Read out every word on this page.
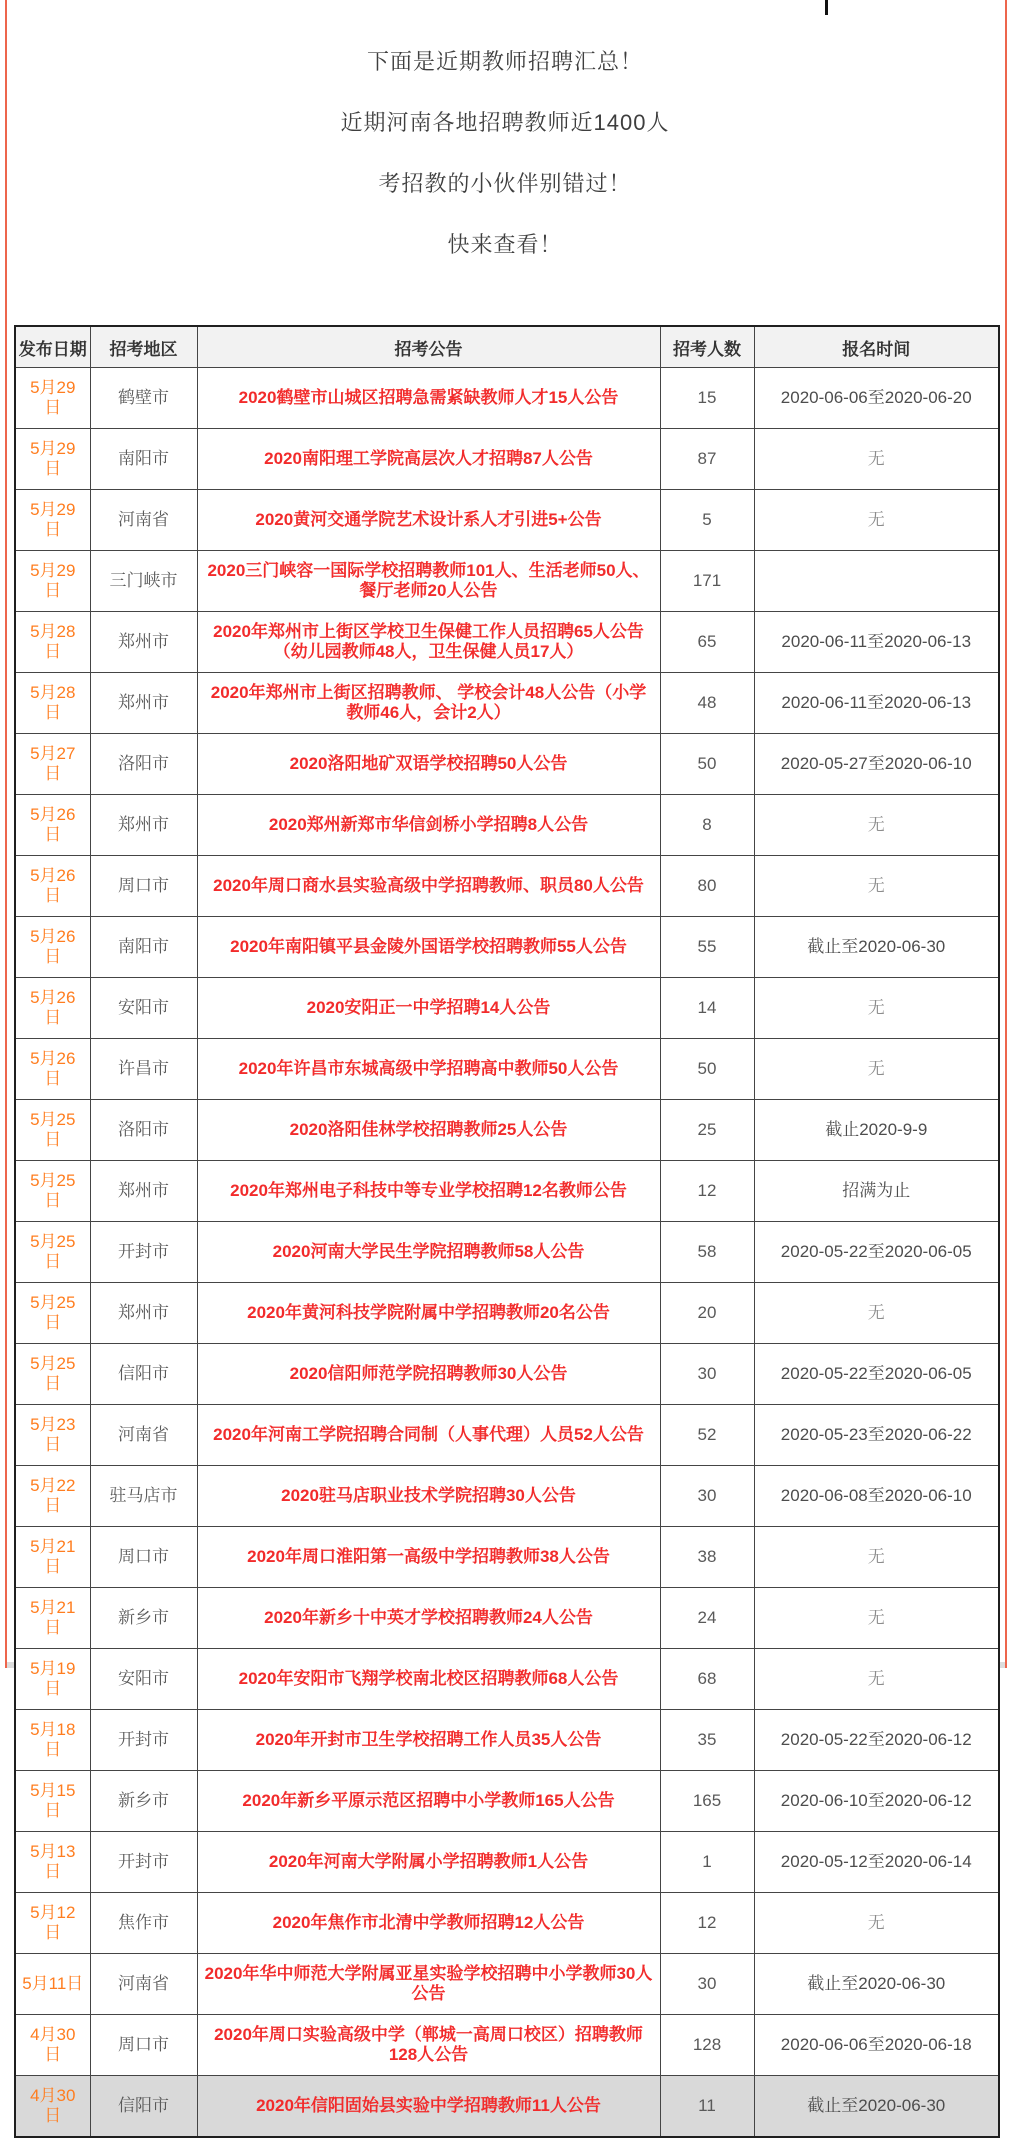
下面是近期教师招聘汇总！

近期河南各地招聘教师近1400人

考招教的小伙伴别错过！

快来查看！

发布日期	招考地区	招考公告	招考人数	报名时间
5月29日	鹤壁市	2020鹤壁市山城区招聘急需紧缺教师人才15人公告	15	2020-06-06至2020-06-20
5月29日	南阳市	2020南阳理工学院高层次人才招聘87人公告	87	无
5月29日	河南省	2020黄河交通学院艺术设计系人才引进5+公告	5	无
5月29日	三门峡市	2020三门峡容一国际学校招聘教师101人、生活老师50人、餐厅老师20人公告	171	
5月28日	郑州市	2020年郑州市上街区学校卫生保健工作人员招聘65人公告（幼儿园教师48人，卫生保健人员17人）	65	2020-06-11至2020-06-13
5月28日	郑州市	2020年郑州市上街区招聘教师、 学校会计48人公告（小学教师46人，会计2人）	48	2020-06-11至2020-06-13
5月27日	洛阳市	2020洛阳地矿双语学校招聘50人公告	50	2020-05-27至2020-06-10
5月26日	郑州市	2020郑州新郑市华信剑桥小学招聘8人公告	8	无
5月26日	周口市	2020年周口商水县实验高级中学招聘教师、职员80人公告	80	无
5月26日	南阳市	2020年南阳镇平县金陵外国语学校招聘教师55人公告	55	截止至2020-06-30
5月26日	安阳市	2020安阳正一中学招聘14人公告	14	无
5月26日	许昌市	2020年许昌市东城高级中学招聘高中教师50人公告	50	无
5月25日	洛阳市	2020洛阳佳林学校招聘教师25人公告	25	截止2020-9-9
5月25日	郑州市	2020年郑州电子科技中等专业学校招聘12名教师公告	12	招满为止
5月25日	开封市	2020河南大学民生学院招聘教师58人公告	58	2020-05-22至2020-06-05
5月25日	郑州市	2020年黄河科技学院附属中学招聘教师20名公告	20	无
5月25日	信阳市	2020信阳师范学院招聘教师30人公告	30	2020-05-22至2020-06-05
5月23日	河南省	2020年河南工学院招聘合同制（人事代理）人员52人公告	52	2020-05-23至2020-06-22
5月22日	驻马店市	2020驻马店职业技术学院招聘30人公告	30	2020-06-08至2020-06-10
5月21日	周口市	2020年周口淮阳第一高级中学招聘教师38人公告	38	无
5月21日	新乡市	2020年新乡十中英才学校招聘教师24人公告	24	无
5月19日	安阳市	2020年安阳市飞翔学校南北校区招聘教师68人公告	68	无
5月18日	开封市	2020年开封市卫生学校招聘工作人员35人公告	35	2020-05-22至2020-06-12
5月15日	新乡市	2020年新乡平原示范区招聘中小学教师165人公告	165	2020-06-10至2020-06-12
5月13日	开封市	2020年河南大学附属小学招聘教师1人公告	1	2020-05-12至2020-06-14
5月12日	焦作市	2020年焦作市北清中学教师招聘12人公告	12	无
5月11日	河南省	2020年华中师范大学附属亚星实验学校招聘中小学教师30人公告	30	截止至2020-06-30
4月30日	周口市	2020年周口实验高级中学（郸城一高周口校区）招聘教师128人公告	128	2020-06-06至2020-06-18
4月30日	信阳市	2020年信阳固始县实验中学招聘教师11人公告	11	截止至2020-06-30
